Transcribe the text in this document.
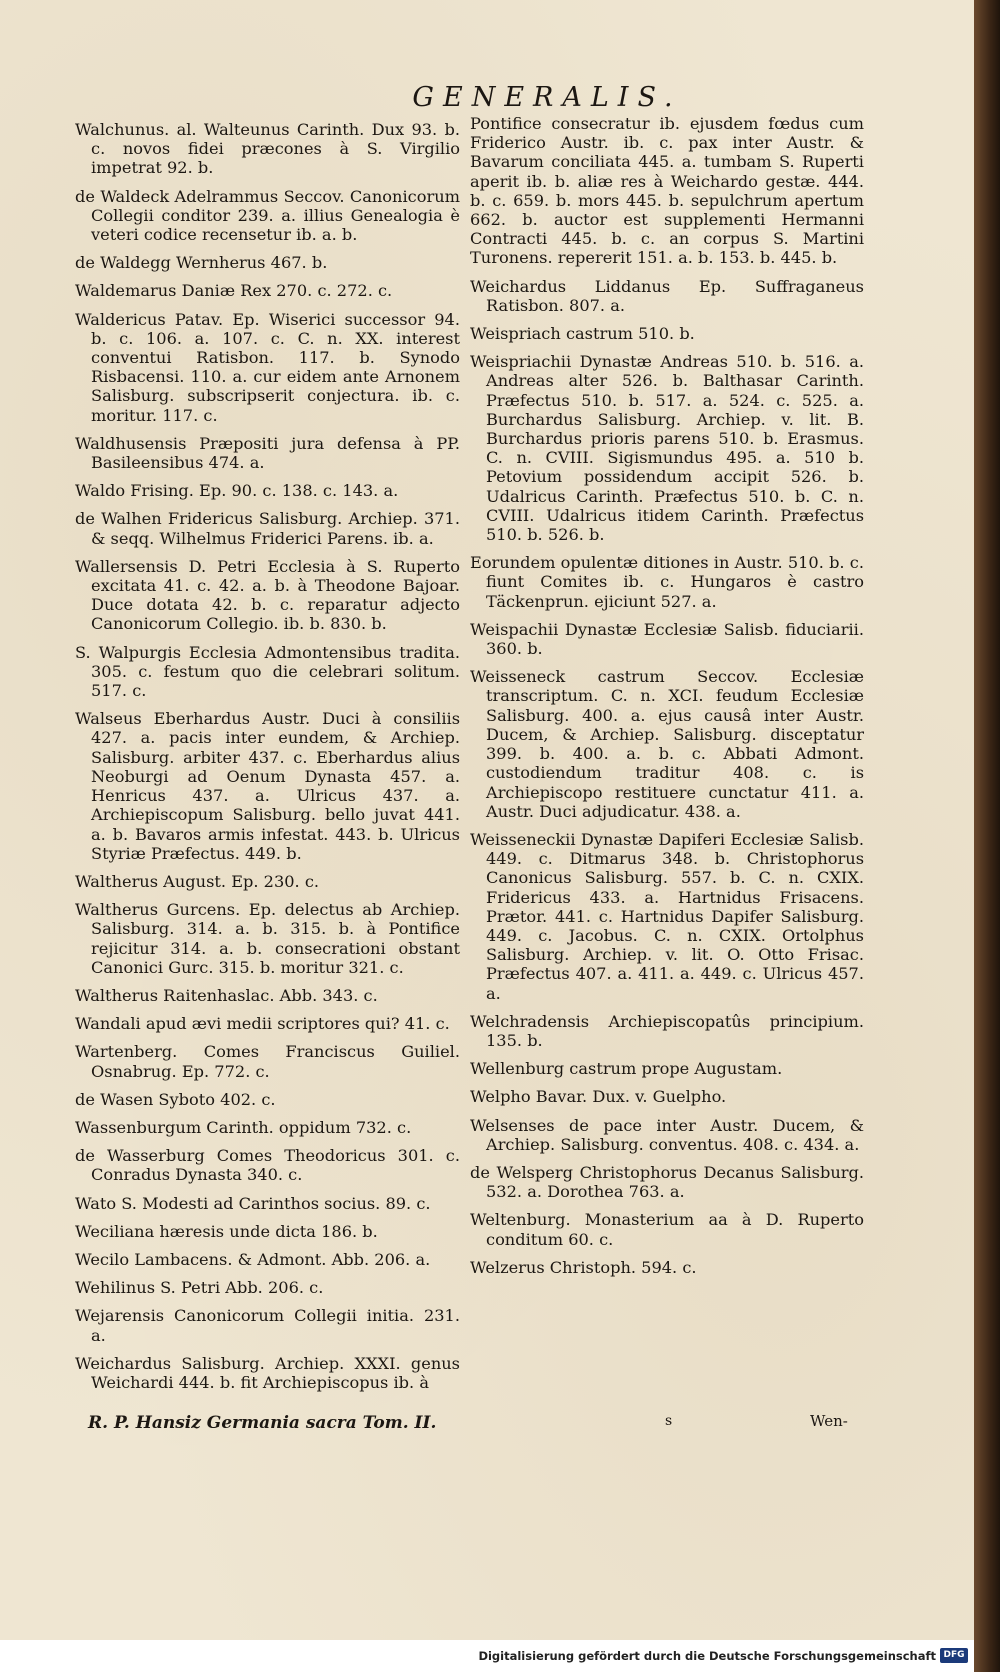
GENERALIS.
Walchunus. al. Walteunus Carinth. Dux 93. b. c. novos fidei præcones à S. Virgilio impetrat 92. b.
de Waldeck Adelrammus Seccov. Canonicorum Collegii conditor 239. a. illius Genealogia è veteri codice recensetur ib. a. b.
de Waldegg Wernherus 467. b.
Waldemarus Daniæ Rex 270. c. 272. c.
Waldericus Patav. Ep. Wiserici successor 94. b. c. 106. a. 107. c. C. n. XX. interest conventui Ratisbon. 117. b. Synodo Risbacensi. 110. a. cur eidem ante Arnonem Salisburg. subscripserit conjectura. ib. c. moritur. 117. c.
Waldhusensis Præpositi jura defensa à PP. Basileensibus 474. a.
Waldo Frising. Ep. 90. c. 138. c. 143. a.
de Walhen Fridericus Salisburg. Archiep. 371. & seqq. Wilhelmus Friderici Parens. ib. a.
Wallersensis D. Petri Ecclesia à S. Ruperto excitata 41. c. 42. a. b. à Theodone Bajoar. Duce dotata 42. b. c. reparatur adjecto Canonicorum Collegio. ib. b. 830. b.
S. Walpurgis Ecclesia Admontensibus tradita. 305. c. festum quo die celebrari solitum. 517. c.
Walseus Eberhardus Austr. Duci à consiliis 427. a. pacis inter eundem, & Archiep. Salisburg. arbiter 437. c. Eberhardus alius Neoburgi ad Oenum Dynasta 457. a. Henricus 437. a. Ulricus 437. a. Archiepiscopum Salisburg. bello juvat 441. a. b. Bavaros armis infestat. 443. b. Ulricus Styriæ Præfectus. 449. b.
Waltherus August. Ep. 230. c.
Waltherus Gurcens. Ep. delectus ab Archiep. Salisburg. 314. a. b. 315. b. à Pontifice rejicitur 314. a. b. consecrationi obstant Canonici Gurc. 315. b. moritur 321. c.
Waltherus Raitenhaslac. Abb. 343. c.
Wandali apud ævi medii scriptores qui? 41. c.
Wartenberg. Comes Franciscus Guiliel. Osnabrug. Ep. 772. c.
de Wasen Syboto 402. c.
Wassenburgum Carinth. oppidum 732. c.
de Wasserburg Comes Theodoricus 301. c. Conradus Dynasta 340. c.
Wato S. Modesti ad Carinthos socius. 89. c.
Weciliana hæresis unde dicta 186. b.
Wecilo Lambacens. & Admont. Abb. 206. a.
Wehilinus S. Petri Abb. 206. c.
Wejarensis Canonicorum Collegii initia. 231. a.
Weichardus Salisburg. Archiep. XXXI. genus Weichardi 444. b. fit Archiepiscopus ib. à
Pontifice consecratur ib. ejusdem fœdus cum Friderico Austr. ib. c. pax inter Austr. & Bavarum conciliata 445. a. tumbam S. Ruperti aperit ib. b. aliæ res à Weichardo gestæ. 444. b. c. 659. b. mors 445. b. sepulchrum apertum 662. b. auctor est supplementi Hermanni Contracti 445. b. c. an corpus S. Martini Turonens. repererit 151. a. b. 153. b. 445. b.
Weichardus Liddanus Ep. Suffraganeus Ratisbon. 807. a.
Weispriach castrum 510. b.
Weispriachii Dynastæ Andreas 510. b. 516. a. Andreas alter 526. b. Balthasar Carinth. Præfectus 510. b. 517. a. 524. c. 525. a. Burchardus Salisburg. Archiep. v. lit. B. Burchardus prioris parens 510. b. Erasmus. C. n. CVIII. Sigismundus 495. a. 510 b. Petovium possidendum accipit 526. b. Udalricus Carinth. Præfectus 510. b. C. n. CVIII. Udalricus itidem Carinth. Præfectus 510. b. 526. b.
Eorundem opulentæ ditiones in Austr. 510. b. c. fiunt Comites ib. c. Hungaros è castro Täckenprun. ejiciunt 527. a.
Weispachii Dynastæ Ecclesiæ Salisb. fiduciarii. 360. b.
Weisseneck castrum Seccov. Ecclesiæ transcriptum. C. n. XCI. feudum Ecclesiæ Salisburg. 400. a. ejus causâ inter Austr. Ducem, & Archiep. Salisburg. disceptatur 399. b. 400. a. b. c. Abbati Admont. custodiendum traditur 408. c. is Archiepiscopo restituere cunctatur 411. a. Austr. Duci adjudicatur. 438. a.
Weisseneckii Dynastæ Dapiferi Ecclesiæ Salisb. 449. c. Ditmarus 348. b. Christophorus Canonicus Salisburg. 557. b. C. n. CXIX. Fridericus 433. a. Hartnidus Frisacens. Prætor. 441. c. Hartnidus Dapifer Salisburg. 449. c. Jacobus. C. n. CXIX. Ortolphus Salisburg. Archiep. v. lit. O. Otto Frisac. Præfectus 407. a. 411. a. 449. c. Ulricus 457. a.
Welchradensis Archiepiscopatûs principium. 135. b.
Wellenburg castrum prope Augustam.
Welpho Bavar. Dux. v. Guelpho.
Welsenses de pace inter Austr. Ducem, & Archiep. Salisburg. conventus. 408. c. 434. a.
de Welsperg Christophorus Decanus Salisburg. 532. a. Dorothea 763. a.
Weltenburg. Monasterium aa à D. Ruperto conditum 60. c.
Welzerus Christoph. 594. c.
R. P. Hansiz Germania sacra Tom. II.	s	Wen-
Digitalisierung gefördert durch die Deutsche Forschungsgemeinschaft DFG
